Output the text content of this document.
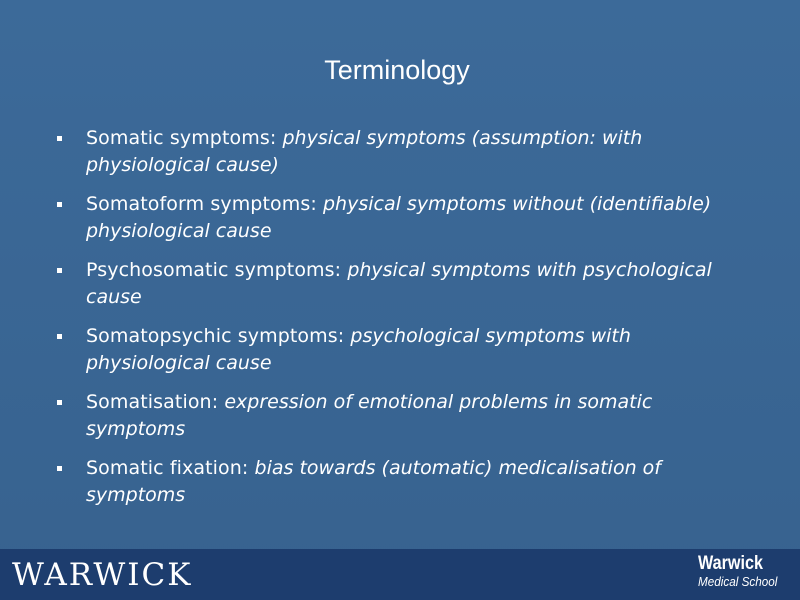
Terminology
Somatic symptoms: physical symptoms (assumption: with physiological cause)
Somatoform symptoms: physical symptoms without (identifiable) physiological cause
Psychosomatic symptoms: physical symptoms with psychological cause
Somatopsychic symptoms: psychological symptoms with physiological cause
Somatisation: expression of emotional problems in somatic symptoms
Somatic fixation: bias towards (automatic) medicalisation of symptoms
WARWICK	Warwick
Medical School
